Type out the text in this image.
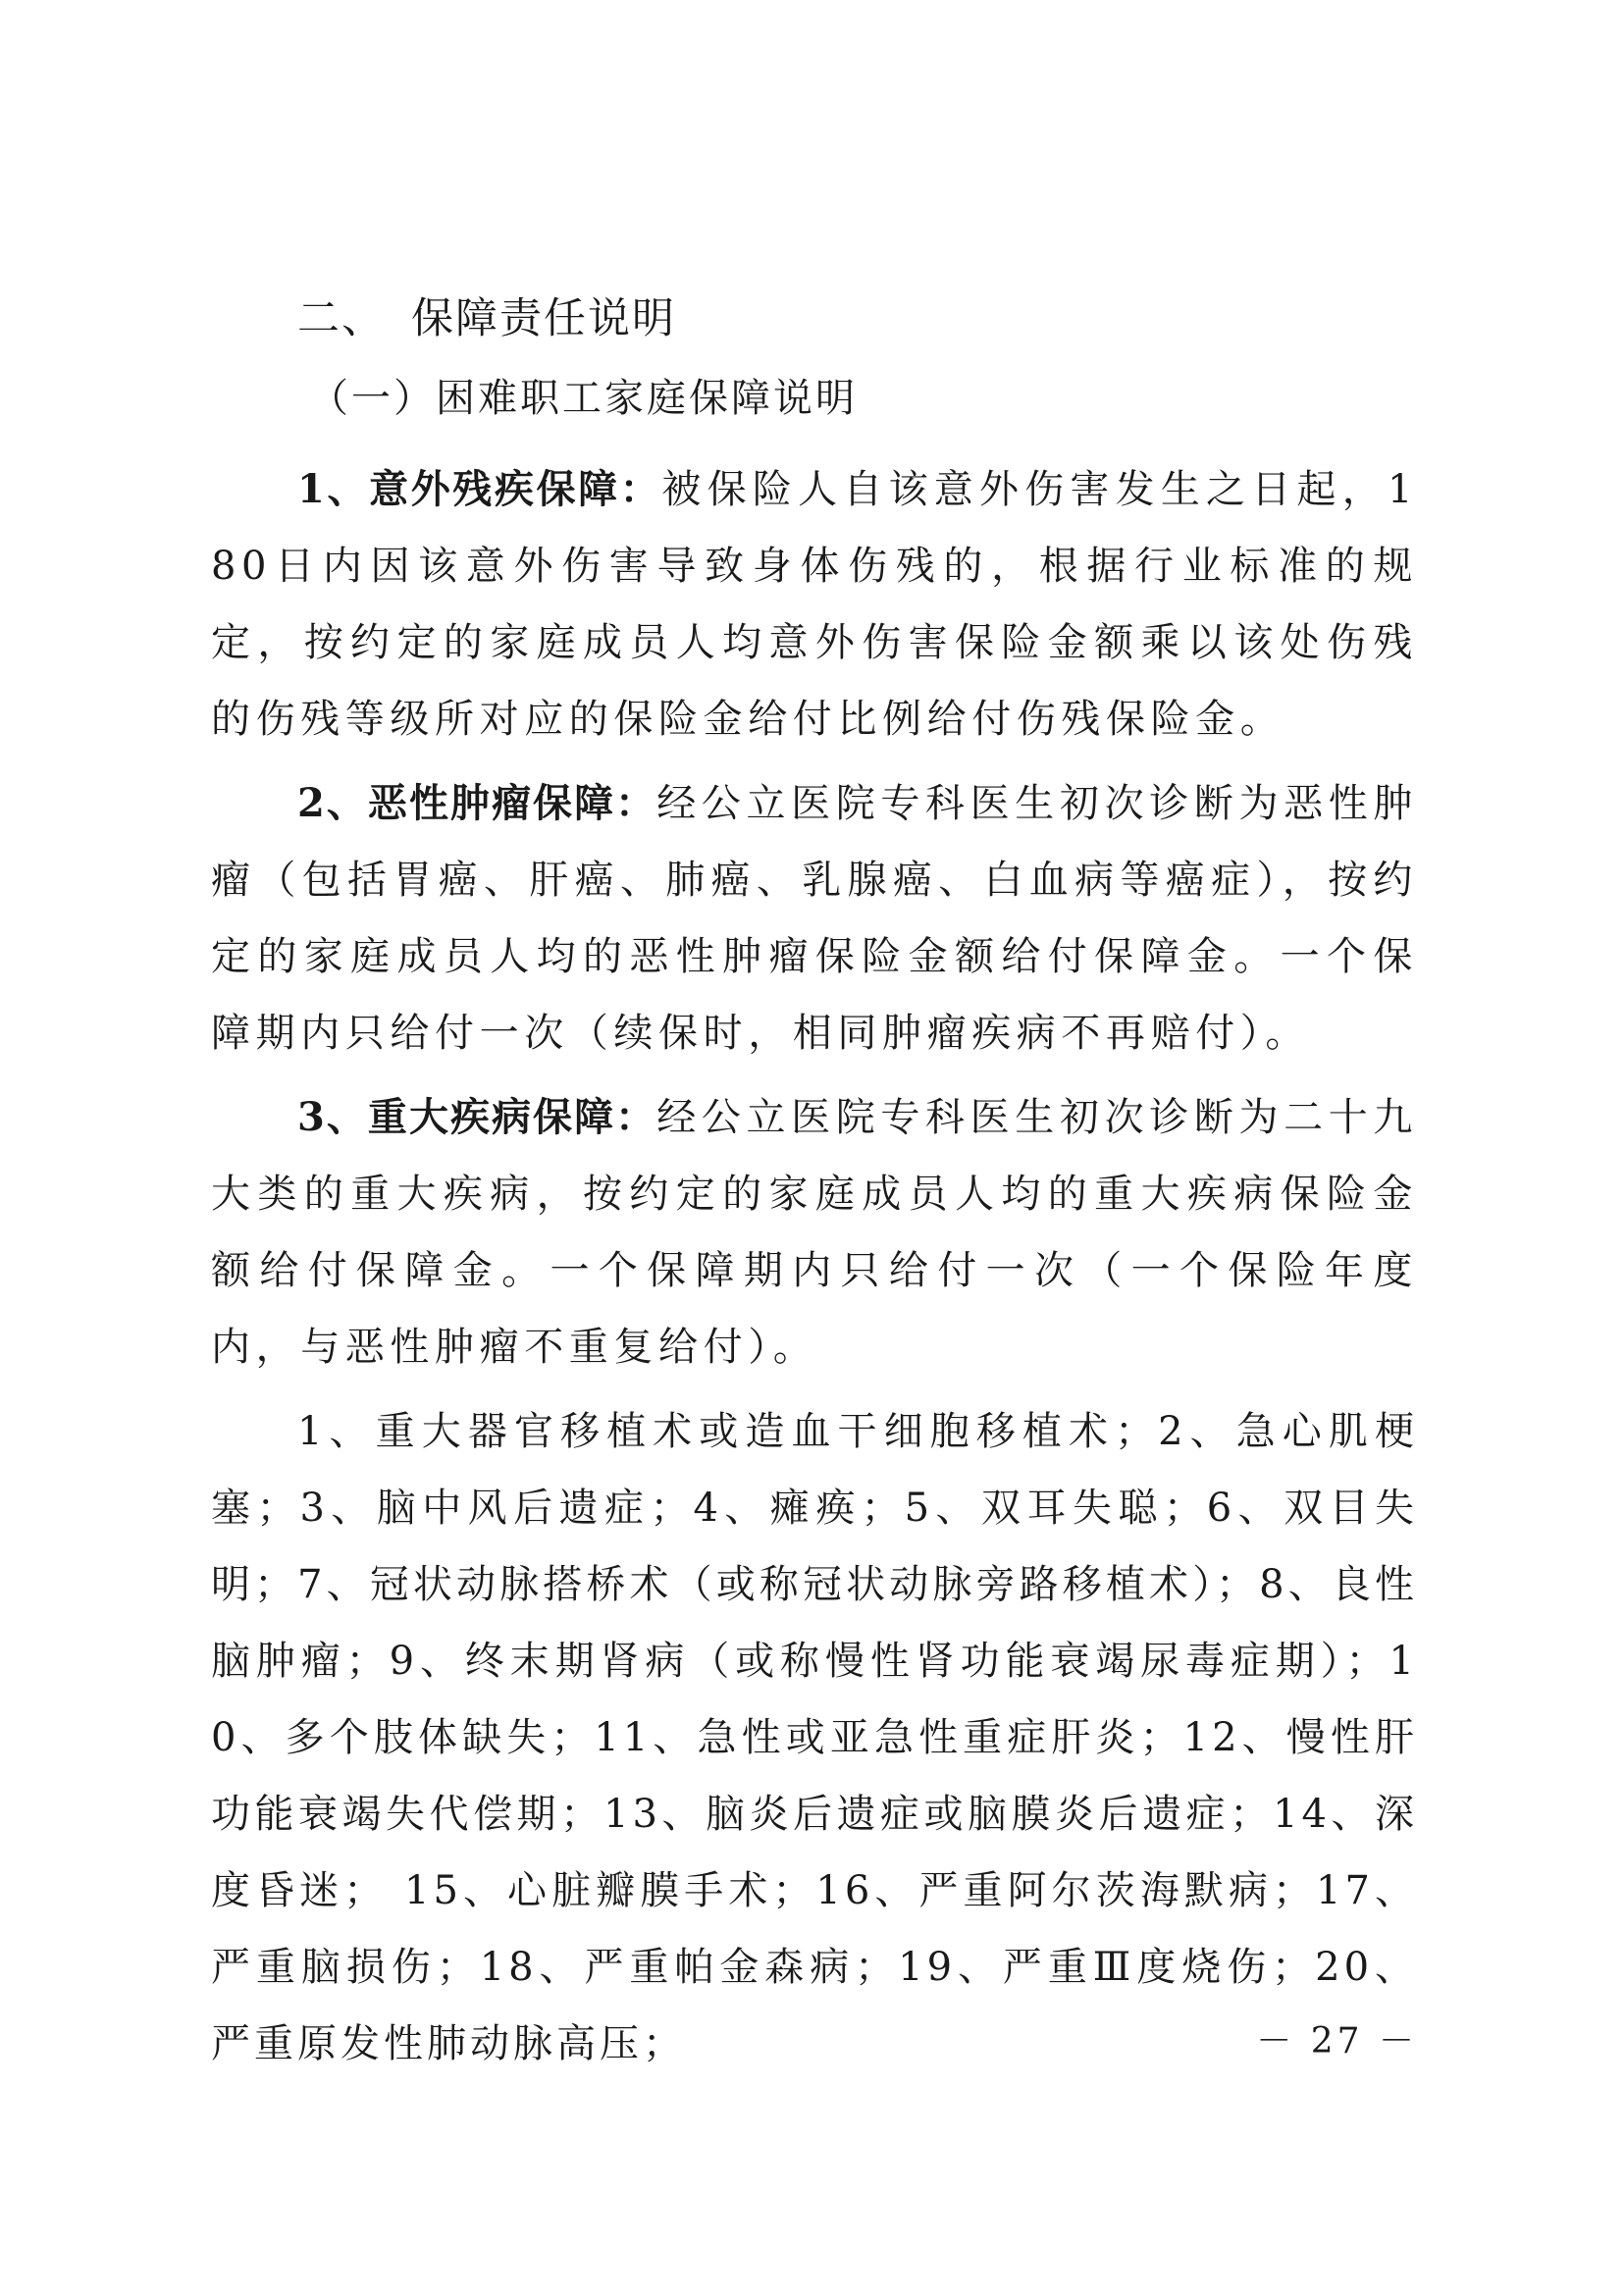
二、 保障责任说明
（一）困难职工家庭保障说明

1、意外残疾保障：被保险人自该意外伤害发生之日起，180日内因该意外伤害导致身体伤残的，根据行业标准的规定，按约定的家庭成员人均意外伤害保险金额乘以该处伤残的伤残等级所对应的保险金给付比例给付伤残保险金。

2、恶性肿瘤保障：经公立医院专科医生初次诊断为恶性肿瘤（包括胃癌、肝癌、肺癌、乳腺癌、白血病等癌症），按约定的家庭成员人均的恶性肿瘤保险金额给付保障金。一个保障期内只给付一次（续保时，相同肿瘤疾病不再赔付）。

3、重大疾病保障：经公立医院专科医生初次诊断为二十九大类的重大疾病，按约定的家庭成员人均的重大疾病保险金额给付保障金。一个保障期内只给付一次（一个保险年度内，与恶性肿瘤不重复给付）。

1、重大器官移植术或造血干细胞移植术；2、急心肌梗塞；3、脑中风后遗症；4、瘫痪；5、双耳失聪；6、双目失明；7、冠状动脉搭桥术（或称冠状动脉旁路移植术）；8、良性脑肿瘤；9、终末期肾病（或称慢性肾功能衰竭尿毒症期）；10、多个肢体缺失；11、急性或亚急性重症肝炎；12、慢性肝功能衰竭失代偿期；13、脑炎后遗症或脑膜炎后遗症；14、深度昏迷； 15、心脏瓣膜手术；16、严重阿尔茨海默病；17、严重脑损伤；18、严重帕金森病；19、严重Ⅲ度烧伤；20、严重原发性肺动脉高压；	－ 27 －
